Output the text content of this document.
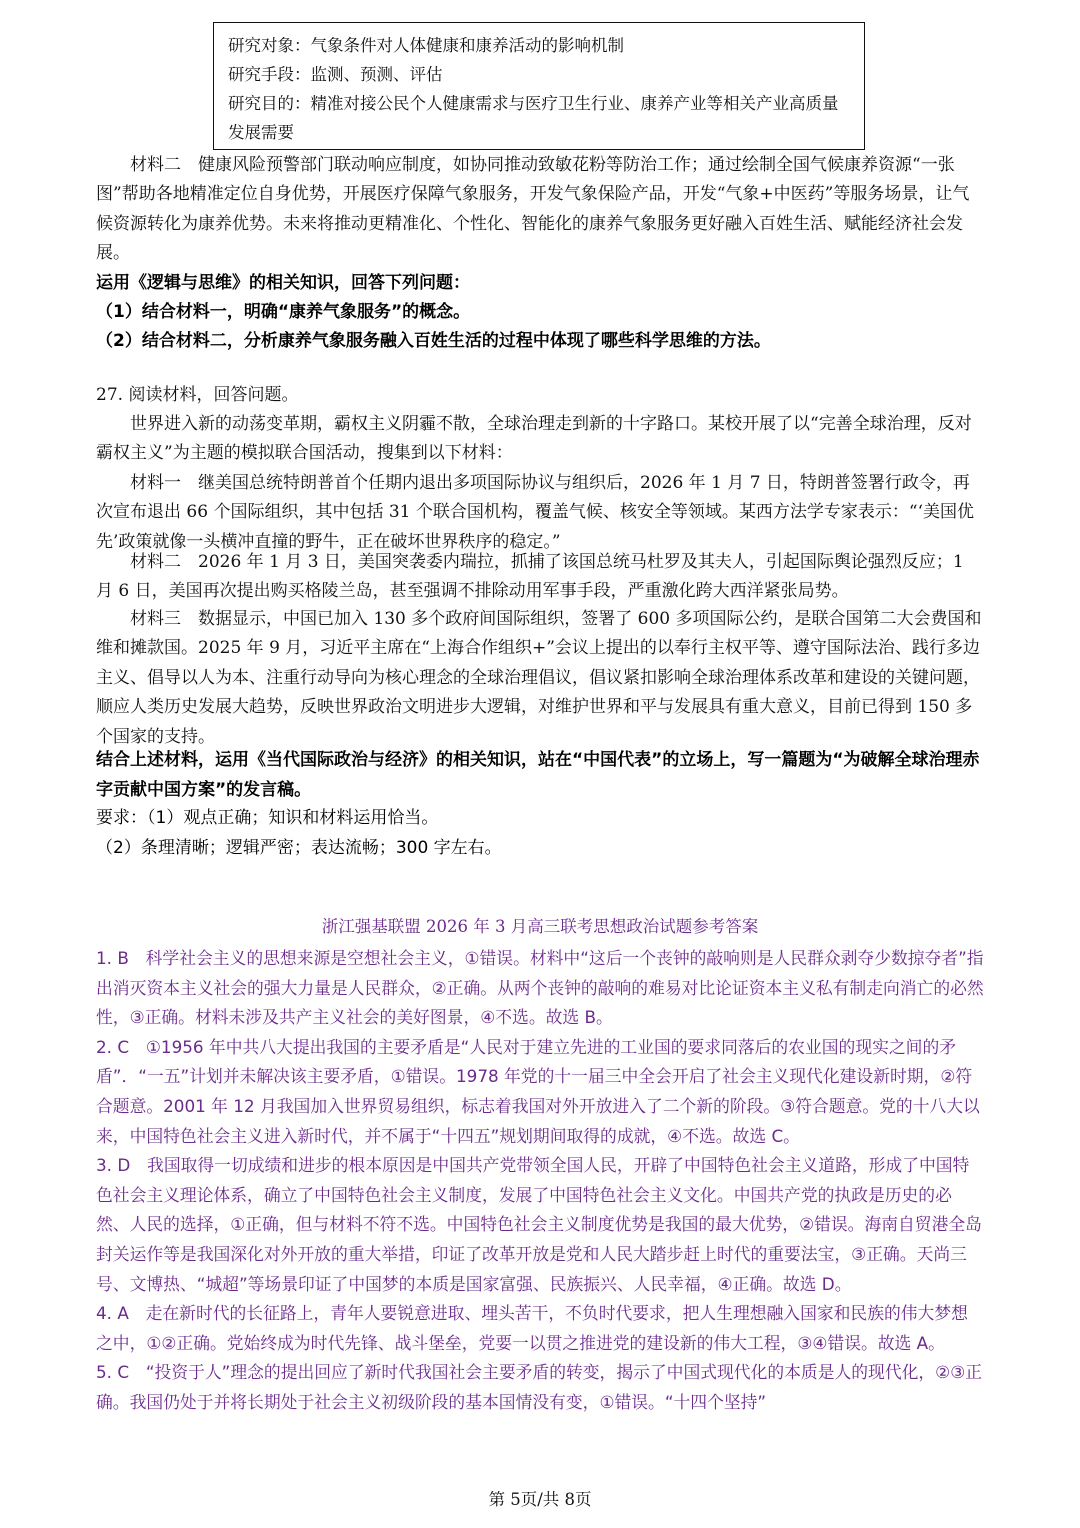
研究对象：气象条件对人体健康和康养活动的影响机制

研究手段：监测、预测、评估

研究目的：精准对接公民个人健康需求与医疗卫生行业、康养产业等相关产业高质量发展需要

材料二　健康风险预警部门联动响应制度，如协同推动致敏花粉等防治工作；通过绘制全国气候康养资源“一张图”帮助各地精准定位自身优势，开展医疗保障气象服务，开发气象保险产品，开发“气象+中医药”等服务场景，让气候资源转化为康养优势。未来将推动更精准化、个性化、智能化的康养气象服务更好融入百姓生活、赋能经济社会发展。

运用《逻辑与思维》的相关知识，回答下列问题：

（1）结合材料一，明确“康养气象服务”的概念。

（2）结合材料二，分析康养气象服务融入百姓生活的过程中体现了哪些科学思维的方法。

27. 阅读材料，回答问题。

世界进入新的动荡变革期，霸权主义阴霾不散，全球治理走到新的十字路口。某校开展了以“完善全球治理，反对霸权主义”为主题的模拟联合国活动，搜集到以下材料：

材料一　继美国总统特朗普首个任期内退出多项国际协议与组织后，2026 年 1 月 7 日，特朗普签署行政令，再次宣布退出 66 个国际组织，其中包括 31 个联合国机构，覆盖气候、核安全等领域。某西方法学专家表示：“‘美国优先’政策就像一头横冲直撞的野牛，正在破坏世界秩序的稳定。”

材料二　2026 年 1 月 3 日，美国突袭委内瑞拉，抓捕了该国总统马杜罗及其夫人，引起国际舆论强烈反应；1 月 6 日，美国再次提出购买格陵兰岛，甚至强调不排除动用军事手段，严重激化跨大西洋紧张局势。

材料三　数据显示，中国已加入 130 多个政府间国际组织，签署了 600 多项国际公约，是联合国第二大会费国和维和摊款国。2025 年 9 月，习近平主席在“上海合作组织+”会议上提出的以奉行主权平等、遵守国际法治、践行多边主义、倡导以人为本、注重行动导向为核心理念的全球治理倡议，倡议紧扣影响全球治理体系改革和建设的关键问题，顺应人类历史发展大趋势，反映世界政治文明进步大逻辑，对维护世界和平与发展具有重大意义，目前已得到 150 多个国家的支持。

结合上述材料，运用《当代国际政治与经济》的相关知识，站在“中国代表”的立场上，写一篇题为“为破解全球治理赤字贡献中国方案”的发言稿。

要求：（1）观点正确；知识和材料运用恰当。

（2）条理清晰；逻辑严密；表达流畅；300 字左右。

浙江强基联盟 2026 年 3 月高三联考思想政治试题参考答案

1. B　科学社会主义的思想来源是空想社会主义，①错误。材料中“这后一个丧钟的敲响则是人民群众剥夺少数掠夺者”指出消灭资本主义社会的强大力量是人民群众，②正确。从两个丧钟的敲响的难易对比论证资本主义私有制走向消亡的必然性，③正确。材料未涉及共产主义社会的美好图景，④不选。故选 B。

2. C　①1956 年中共八大提出我国的主要矛盾是“人民对于建立先进的工业国的要求同落后的农业国的现实之间的矛盾”．“一五”计划并未解决该主要矛盾，①错误。1978 年党的十一届三中全会开启了社会主义现代化建设新时期，②符合题意。2001 年 12 月我国加入世界贸易组织，标志着我国对外开放进入了二个新的阶段。③符合题意。党的十八大以来，中国特色社会主义进入新时代，并不属于“十四五”规划期间取得的成就，④不选。故选 C。

3. D　我国取得一切成绩和进步的根本原因是中国共产党带领全国人民，开辟了中国特色社会主义道路，形成了中国特色社会主义理论体系，确立了中国特色社会主义制度，发展了中国特色社会主义文化。中国共产党的执政是历史的必然、人民的选择，①正确，但与材料不符不选。中国特色社会主义制度优势是我国的最大优势，②错误。海南自贸港全岛封关运作等是我国深化对外开放的重大举措，印证了改革开放是党和人民大踏步赶上时代的重要法宝，③正确。天尚三号、文博热、“城超”等场景印证了中国梦的本质是国家富强、民族振兴、人民幸福，④正确。故选 D。

4. A　走在新时代的长征路上，青年人要锐意进取、埋头苦干，不负时代要求，把人生理想融入国家和民族的伟大梦想之中，①②正确。党始终成为时代先锋、战斗堡垒，党要一以贯之推进党的建设新的伟大工程，③④错误。故选 A。

5. C　“投资于人”理念的提出回应了新时代我国社会主要矛盾的转变，揭示了中国式现代化的本质是人的现代化，②③正确。我国仍处于并将长期处于社会主义初级阶段的基本国情没有变，①错误。“十四个坚持”

第 5页/共 8页
